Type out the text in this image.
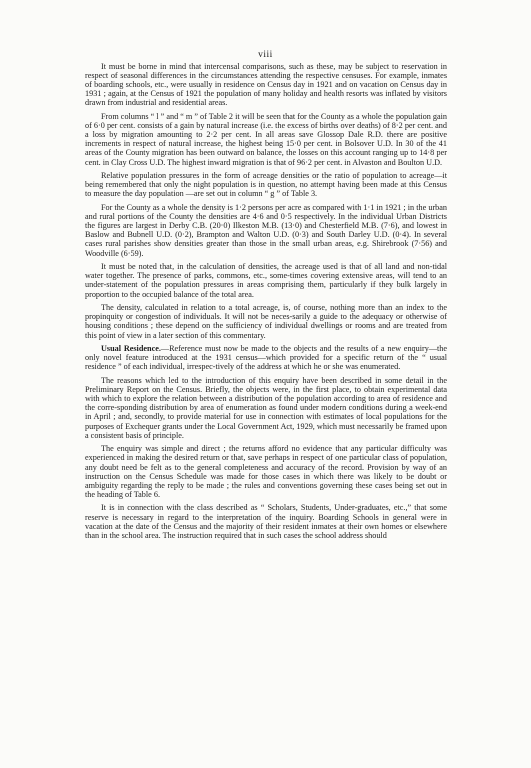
viii

It must be borne in mind that intercensal comparisons, such as these, may be subject to reservation in respect of seasonal differences in the circumstances attending the respective censuses. For example, inmates of boarding schools, etc., were usually in residence on Census day in 1921 and on vacation on Census day in 1931 ; again, at the Census of 1921 the population of many holiday and health resorts was inflated by visitors drawn from industrial and residential areas.

From columns “ l ” and “ m ” of Table 2 it will be seen that for the County as a whole the population gain of 6·0 per cent. consists of a gain by natural increase (i.e. the excess of births over deaths) of 8·2 per cent. and a loss by migration amounting to 2·2 per cent. In all areas save Glossop Dale R.D. there are positive increments in respect of natural increase, the highest being 15·0 per cent. in Bolsover U.D. In 30 of the 41 areas of the County migration has been outward on balance, the losses on this account ranging up to 14·8 per cent. in Clay Cross U.D. The highest inward migration is that of 96·2 per cent. in Alvaston and Boulton U.D.

Relative population pressures in the form of acreage densities or the ratio of population to acreage—it being remembered that only the night population is in question, no attempt having been made at this Census to measure the day population —are set out in column “ g ” of Table 3.

For the County as a whole the density is 1·2 persons per acre as compared with 1·1 in 1921 ; in the urban and rural portions of the County the densities are 4·6 and 0·5 respectively. In the individual Urban Districts the figures are largest in Derby C.B. (20·0) Ilkeston M.B. (13·0) and Chesterfield M.B. (7·6), and lowest in Baslow and Bubnell U.D. (0·2), Brampton and Walton U.D. (0·3) and South Darley U.D. (0·4). In several cases rural parishes show densities greater than those in the small urban areas, e.g. Shirebrook (7·56) and Woodville (6·59).

It must be noted that, in the calculation of densities, the acreage used is that of all land and non-tidal water together. The presence of parks, commons, etc., some-times covering extensive areas, will tend to an under-statement of the population pressures in areas comprising them, particularly if they bulk largely in proportion to the occupied balance of the total area.

The density, calculated in relation to a total acreage, is, of course, nothing more than an index to the propinquity or congestion of individuals. It will not be neces-sarily a guide to the adequacy or otherwise of housing conditions ; these depend on the sufficiency of individual dwellings or rooms and are treated from this point of view in a later section of this commentary.

Usual Residence.—Reference must now be made to the objects and the results of a new enquiry—the only novel feature introduced at the 1931 census—which provided for a specific return of the “ usual residence ” of each individual, irrespec-tively of the address at which he or she was enumerated.

The reasons which led to the introduction of this enquiry have been described in some detail in the Preliminary Report on the Census. Briefly, the objects were, in the first place, to obtain experimental data with which to explore the relation between a distribution of the population according to area of residence and the corre-sponding distribution by area of enumeration as found under modern conditions during a week-end in April ; and, secondly, to provide material for use in connection with estimates of local populations for the purposes of Exchequer grants under the Local Government Act, 1929, which must necessarily be framed upon a consistent basis of principle.

The enquiry was simple and direct ; the returns afford no evidence that any particular difficulty was experienced in making the desired return or that, save perhaps in respect of one particular class of population, any doubt need be felt as to the general completeness and accuracy of the record. Provision by way of an instruction on the Census Schedule was made for those cases in which there was likely to be doubt or ambiguity regarding the reply to be made ; the rules and conventions governing these cases being set out in the heading of Table 6.

It is in connection with the class described as “ Scholars, Students, Under-graduates, etc.,” that some reserve is necessary in regard to the interpretation of the inquiry. Boarding Schools in general were in vacation at the date of the Census and the majority of their resident inmates at their own homes or elsewhere than in the school area. The instruction required that in such cases the school address should
